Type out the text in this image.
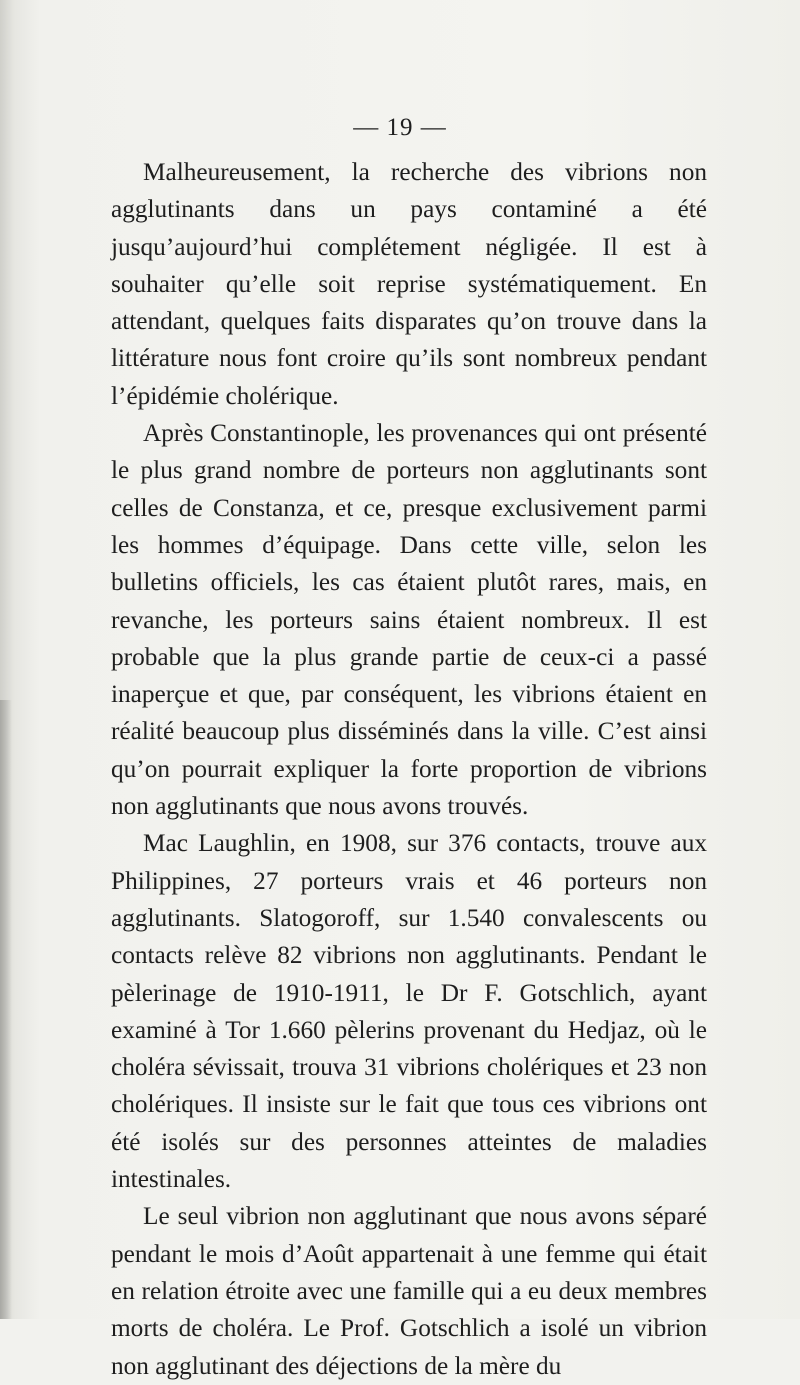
— 19 —

Malheureusement, la recherche des vibrions non agglutinants dans un pays contaminé a été jusqu’aujourd’hui complétement négligée. Il est à souhaiter qu’elle soit reprise systématiquement. En attendant, quelques faits disparates qu’on trouve dans la littérature nous font croire qu’ils sont nombreux pendant l’épidémie cholérique.

Après Constantinople, les provenances qui ont présenté le plus grand nombre de porteurs non agglutinants sont celles de Constanza, et ce, presque exclusivement parmi les hommes d’équipage. Dans cette ville, selon les bulletins officiels, les cas étaient plutôt rares, mais, en revanche, les porteurs sains étaient nombreux. Il est probable que la plus grande partie de ceux-ci a passé inaperçue et que, par conséquent, les vibrions étaient en réalité beaucoup plus disséminés dans la ville. C’est ainsi qu’on pourrait expliquer la forte proportion de vibrions non agglutinants que nous avons trouvés.

Mac Laughlin, en 1908, sur 376 contacts, trouve aux Philippines, 27 porteurs vrais et 46 porteurs non agglutinants. Slatogoroff, sur 1.540 convalescents ou contacts relève 82 vibrions non agglutinants. Pendant le pèlerinage de 1910-1911, le Dr F. Gotschlich, ayant examiné à Tor 1.660 pèlerins provenant du Hedjaz, où le choléra sévissait, trouva 31 vibrions cholériques et 23 non cholériques. Il insiste sur le fait que tous ces vibrions ont été isolés sur des personnes atteintes de maladies intestinales.

Le seul vibrion non agglutinant que nous avons séparé pendant le mois d’Août appartenait à une femme qui était en relation étroite avec une famille qui a eu deux membres morts de choléra. Le Prof. Gotschlich a isolé un vibrion non agglutinant des déjections de la mère du
